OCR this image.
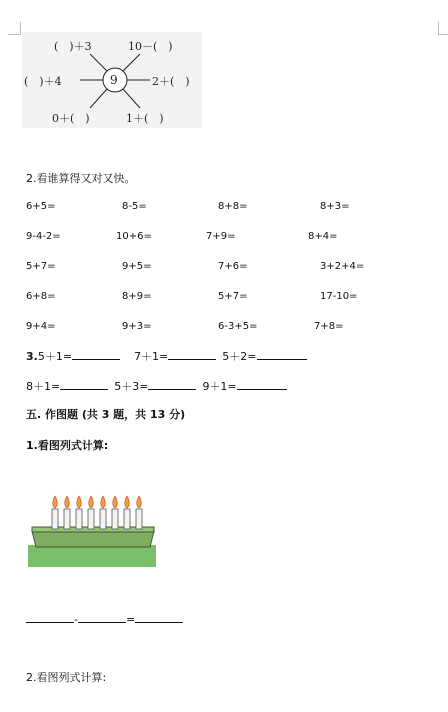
(　)＋3	10－(　)
(　)＋4	9	2＋(　)
0＋(　)	1＋(　)
2.看谁算得又对又快。
6+5=	8-5=	8+8=	8+3=
9-4-2=	10+6=	7+9=	8+4=
5+7=	9+5=	7+6=	3+2+4=
6+8=	8+9=	5+7=	17-10=
9+4=	9+3=	6-3+5=	7+8=
3.5＋1=	7＋1=	5＋2=
8＋1=	5＋3=	9＋1=
五. 作图题 (共 3 题，共 13 分)
1.看图列式计算:
-	=
2.看图列式计算:
